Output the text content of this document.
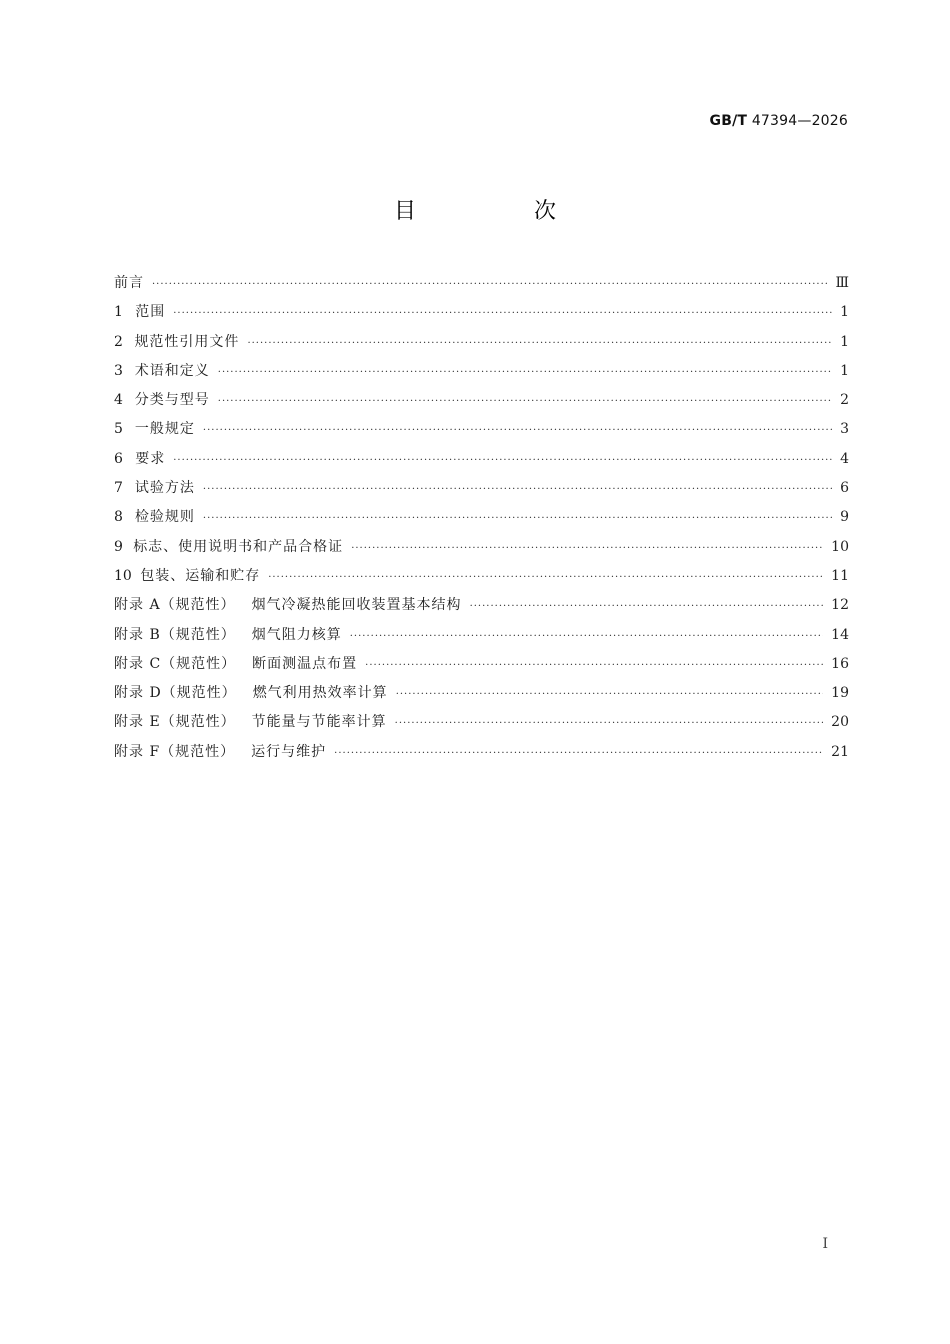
GB/T 47394—2026
目　次
前言 ·····	Ⅲ
1 范围 ·····	1
2 规范性引用文件 ·····	1
3 术语和定义 ·····	1
4 分类与型号 ·····	2
5 一般规定 ·····	3
6 要求 ·····	4
7 试验方法 ·····	6
8 检验规则 ·····	9
9 标志、使用说明书和产品合格证 ·····	10
10 包装、运输和贮存 ·····	11
附录 A（规范性） 烟气冷凝热能回收装置基本结构 ·····	12
附录 B（规范性） 烟气阻力核算 ·····	14
附录 C（规范性） 断面测温点布置 ·····	16
附录 D（规范性） 燃气利用热效率计算 ·····	19
附录 E（规范性） 节能量与节能率计算 ·····	20
附录 F（规范性） 运行与维护 ·····	21
I
